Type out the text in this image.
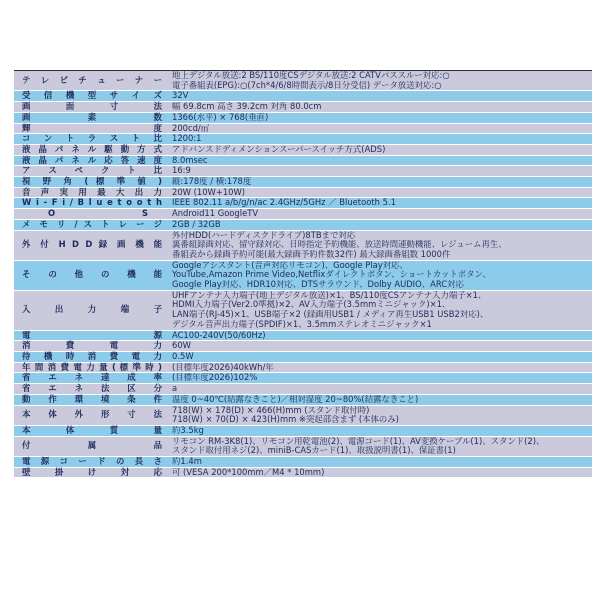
テ レ ビ チ ュ ー ナ ー 地上デジタル放送:2 BS/110度CSデジタル放送:2 CATVパススルー対応:○
電子番組表(EPG):○(7ch*4/6/8時間表示/8日分受信) データ放送対応:○
受 信 機 型 サ イ ズ 32V
画 面 寸 法 幅 69.8cm 高さ 39.2cm 対角 80.0cm
画 素 数 1366(水平) × 768(垂直)
輝 度 200cd/㎡
コ ン ト ラ ス ト 比 1200:1
液 晶 パ ネ ル 駆 動 方 式 アドバンスドディメンションスーパースイッチ方式(ADS)
液 晶 パ ネ ル 応 答 速 度 8.0msec
ア ス ペ ク ト 比 16:9
視 野 角 ( 標 準 値 ) 縦:178度 / 横:178度
音 声 実 用 最 大 出 力 20W (10W+10W)
W i - F i / B l u e t o o t h IEEE 802.11 a/b/g/n/ac 2.4GHz/5GHz ／ Bluetooth 5.1
O S	Android11 GoogleTV
メ モ リ / ス ト レ ー ジ 2GB / 32GB
外 付 H D D 録 画 機 能
外付HDD(ハードディスクドライブ)8TBまで対応
裏番組録画対応、留守録対応、日時指定予約機能、放送時間連動機能、レジューム再生、
番組表から録画予約可能(最大録画予約件数32件) 最大録画番組数 1000件
そ の 他 の 機 能
Googleアシスタント(音声対応リモコン)、Google Play対応、
YouTube,Amazon Prime Video,Netflixダイレクトボタン、ショートカットボタン、
Google Play対応、HDR10対応、DTSサラウンド、Dolby AUDIO、ARC対応
入 出 力 端 子
UHFアンテナ入力端子(地上デジタル放送)×1、BS/110度CSアンテナ入力端子×1、
HDMI入力端子(Ver2.0準拠)×2、AV入力端子(3.5mmミニジャック)×1、
LAN端子(RJ-45)×1、USB端子×2 (録画用USB1 / メディア再生USB1 USB2対応)、
デジタル音声出力端子(SPDIF)×1、3.5mmステレオミニジャック×1
電 源 AC100-240V(50/60Hz)
消 費 電 力 60W
待 機 時 消 費 電 力 0.5W
年 間 消 費 電 力 量 ( 標 準 時 ) (目標年度2026)40kWh/年
省 エ ネ 達 成 率 (目標年度2026)102%
省 エ ネ 法 区 分 a
動 作 環 境 条 件 温度 0~40℃(結露なきこと)／相対湿度 20~80%(結露なきこと)
本 体 外 形 寸 法 718(W) × 178(D) × 466(H)mm (スタンド取付時)
718(W) × 70(D) × 423(H)mm ※突起部含まず (本体のみ)
本 体 質 量 約3.5kg
付 属 品 リモコン RM-3K8(1)、リモコン用乾電池(2)、電源コード(1)、AV変換ケーブル(1)、スタンド(2)、
スタンド取付用ネジ(2)、miniB-CASカード(1)、取扱説明書(1)、保証書(1)
電 源 コ ー ド の 長 さ 約1.4m
壁 掛 け 対 応 可 (VESA 200*100mm／M4 * 10mm)
